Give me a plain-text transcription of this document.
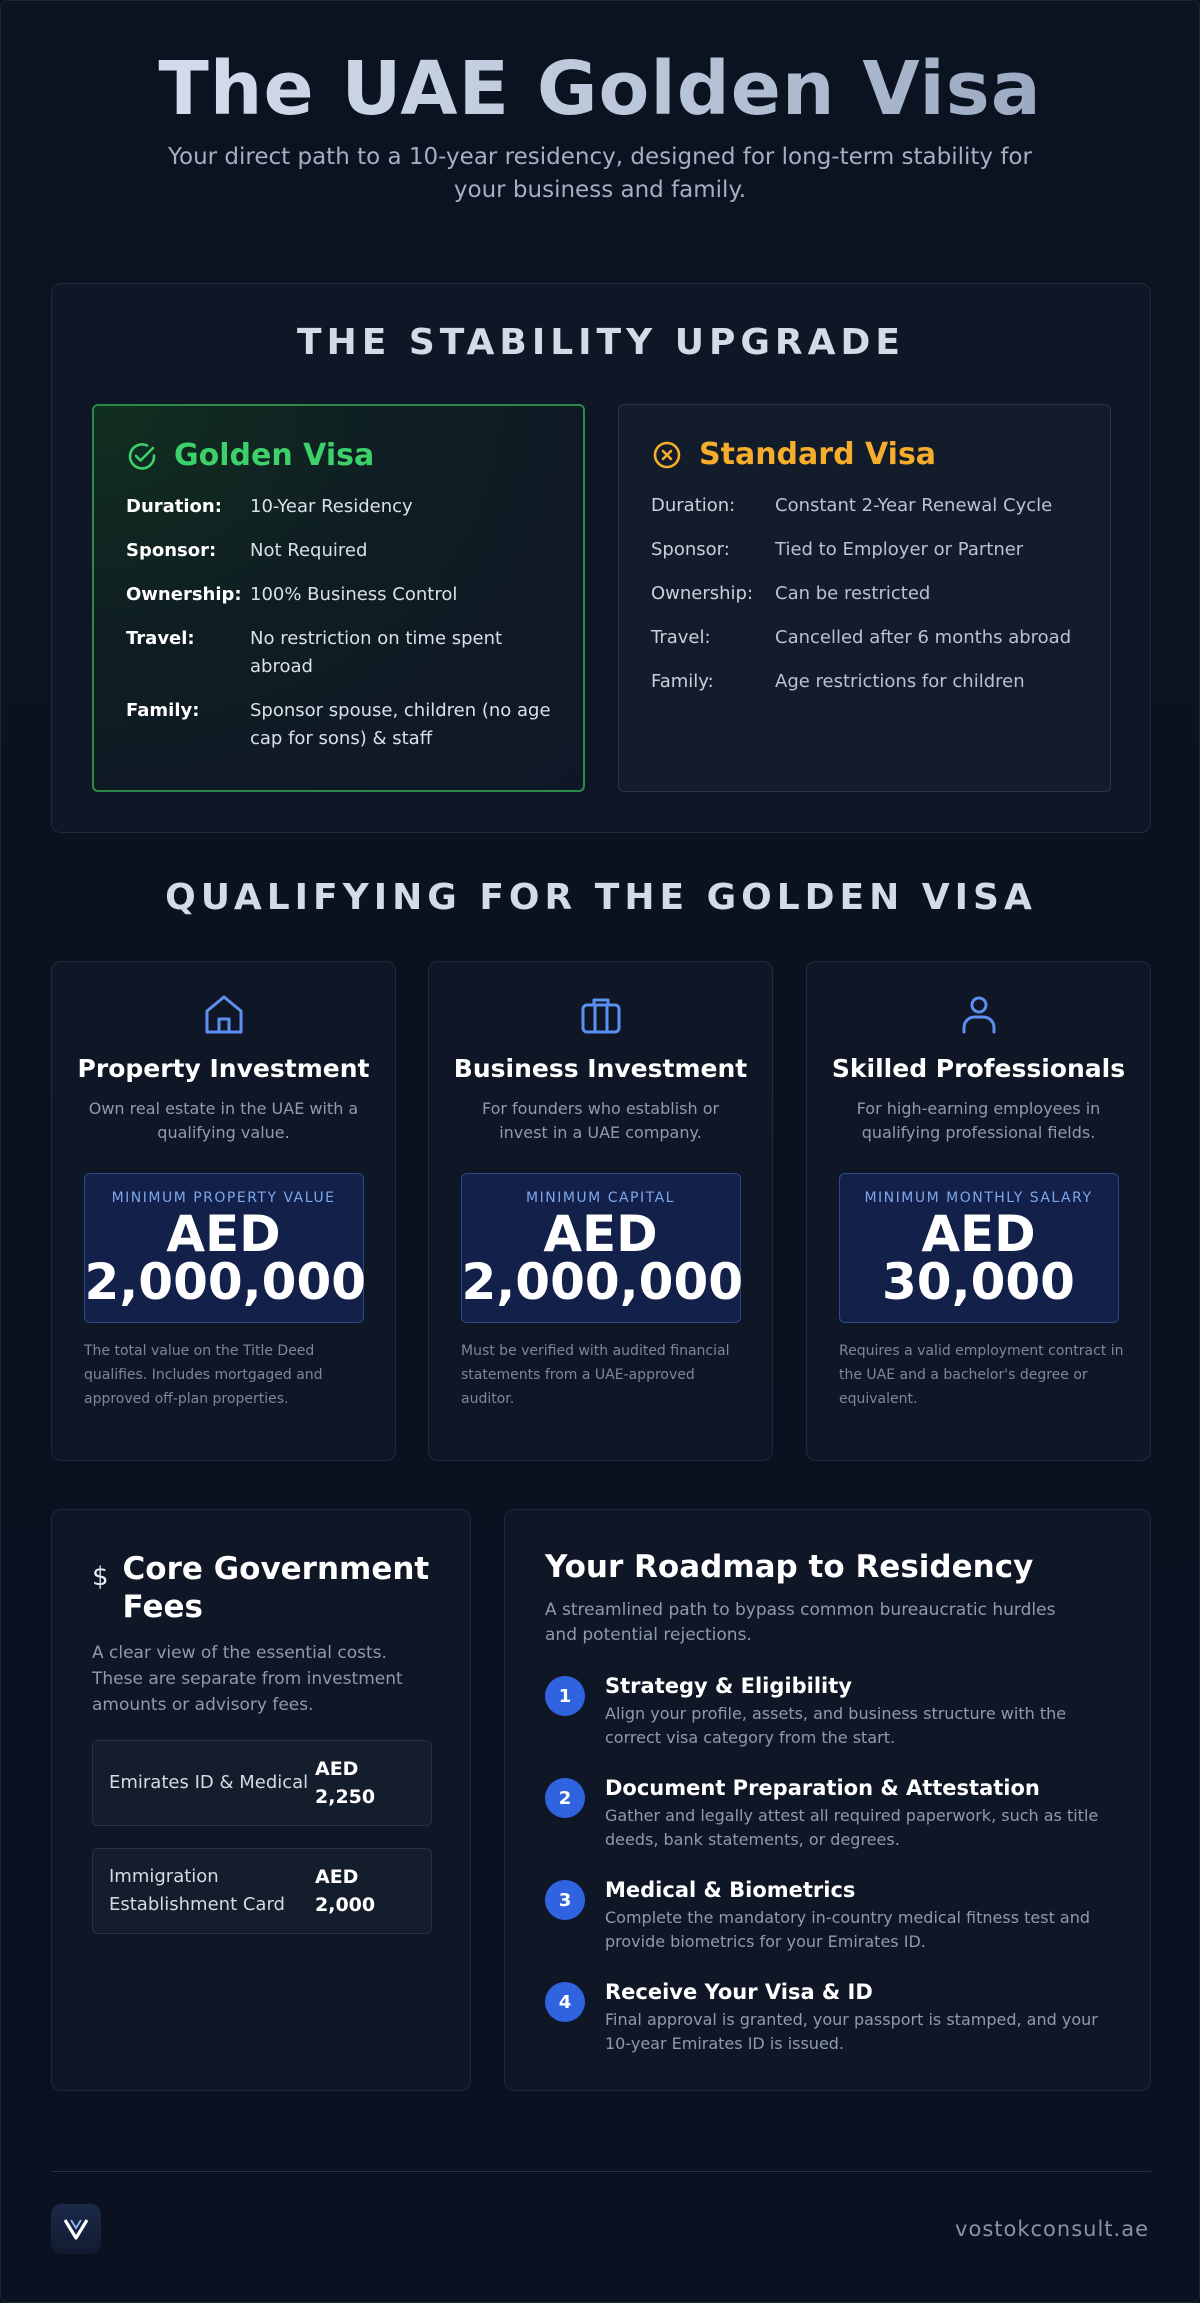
The UAE Golden Visa

Your direct path to a 10-year residency, designed for long-term stability for your business and family.

THE STABILITY UPGRADE
Golden Visa
Duration:	10-Year Residency
Sponsor:	Not Required
Ownership: 100% Business Control
Travel:	No restriction on time spent abroad
Family:	Sponsor spouse, children (no age cap for sons) & staff
Standard Visa
Duration:	Constant 2-Year Renewal Cycle
Sponsor:	Tied to Employer or Partner
Ownership:	Can be restricted
Travel:	Cancelled after 6 months abroad
Family:	Age restrictions for children
QUALIFYING FOR THE GOLDEN VISA
Property Investment

Own real estate in the UAE with a qualifying value.

MINIMUM PROPERTY VALUE
AED
2,000,000

The total value on the Title Deed qualifies. Includes mortgaged and approved off-plan properties.

Business Investment

For founders who establish or invest in a UAE company.

MINIMUM CAPITAL
AED
2,000,000

Must be verified with audited financial statements from a UAE-approved auditor.

Skilled Professionals

For high-earning employees in qualifying professional fields.

MINIMUM MONTHLY SALARY
AED
30,000

Requires a valid employment contract in the UAE and a bachelor's degree or equivalent.

$ Core Government Fees

A clear view of the essential costs. These are separate from investment amounts or advisory fees.

Emirates ID & Medical
AED 2,250
Immigration Establishment Card
AED 2,000
Your Roadmap to Residency

A streamlined path to bypass common bureaucratic hurdles and potential rejections.

1	Strategy & Eligibility
Align your profile, assets, and business structure with the correct visa category from the start.
2	Document Preparation & Attestation
Gather and legally attest all required paperwork, such as title deeds, bank statements, or degrees.
3	Medical & Biometrics
Complete the mandatory in-country medical fitness test and provide biometrics for your Emirates ID.
4	Receive Your Visa & ID
Final approval is granted, your passport is stamped, and your 10-year Emirates ID is issued.
vostokconsult.ae
